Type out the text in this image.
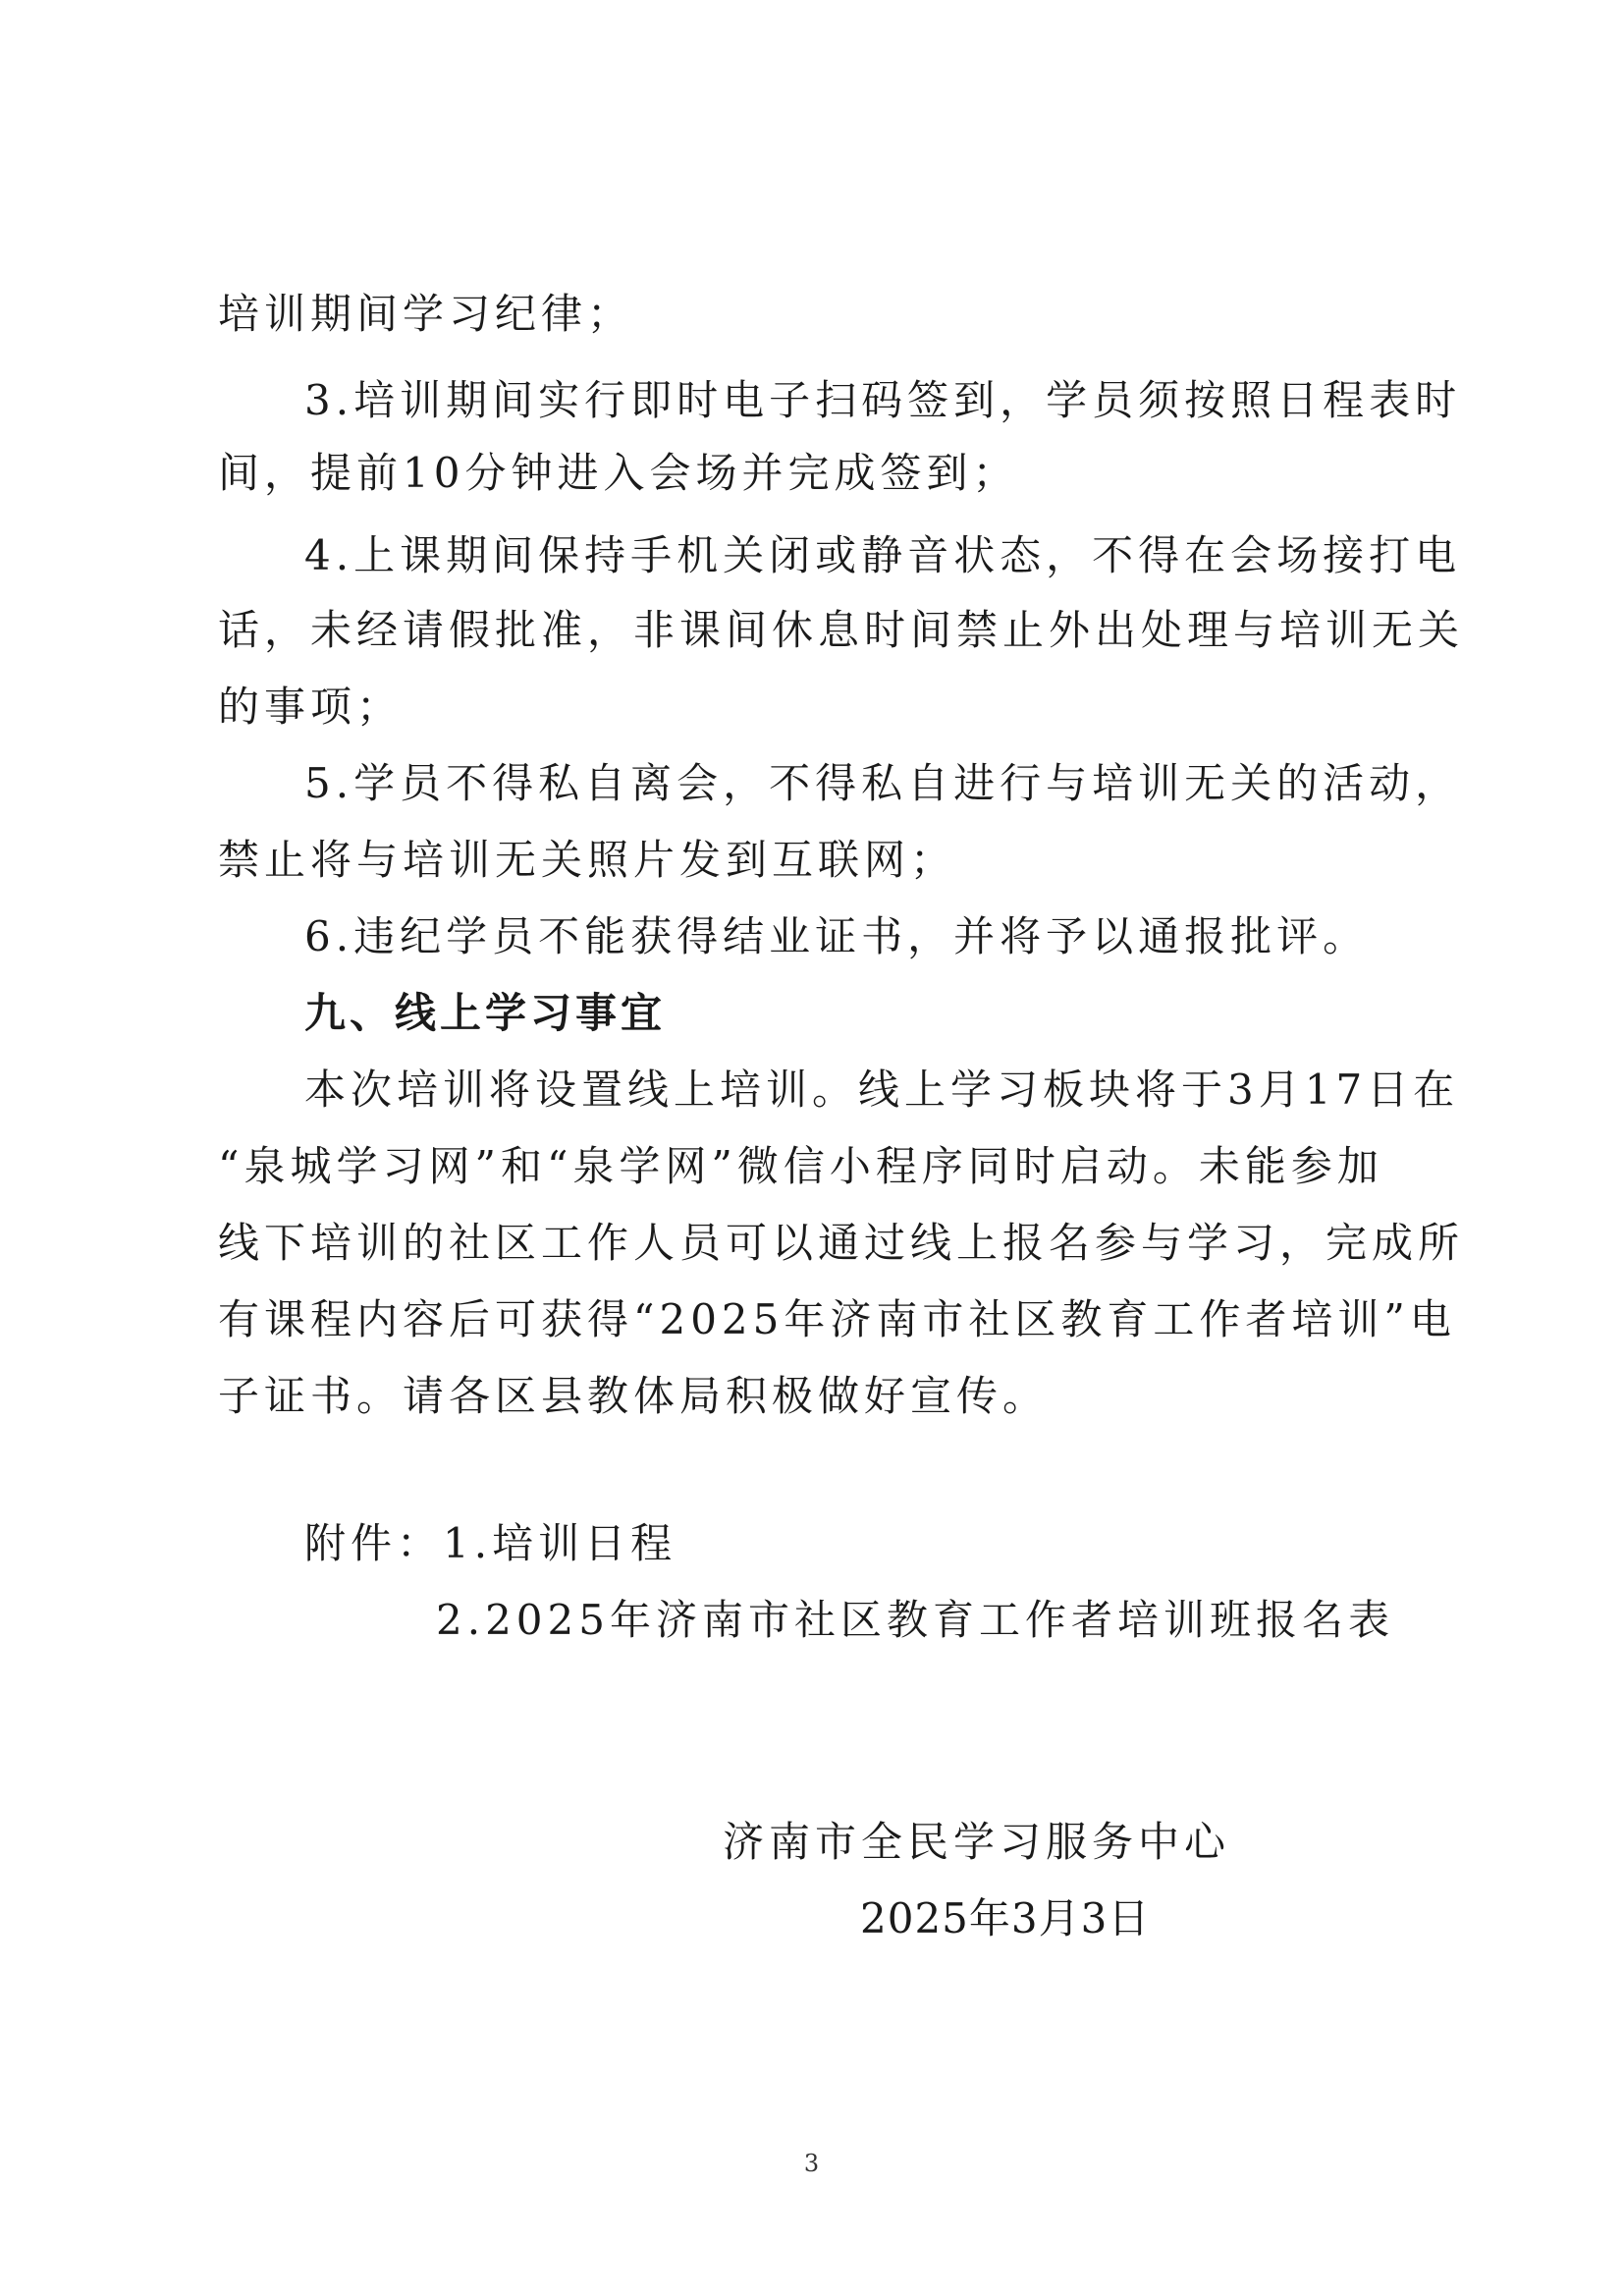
培训期间学习纪律；
3.培训期间实行即时电子扫码签到，学员须按照日程表时
间，提前10分钟进入会场并完成签到；
4.上课期间保持手机关闭或静音状态，不得在会场接打电
话，未经请假批准，非课间休息时间禁止外出处理与培训无关
的事项；
5.学员不得私自离会，不得私自进行与培训无关的活动，
禁止将与培训无关照片发到互联网；
6.违纪学员不能获得结业证书，并将予以通报批评。
九、线上学习事宜
本次培训将设置线上培训。线上学习板块将于3月17日在
“泉城学习网”和“泉学网”微信小程序同时启动。未能参加
线下培训的社区工作人员可以通过线上报名参与学习，完成所
有课程内容后可获得“2025年济南市社区教育工作者培训”电
子证书。请各区县教体局积极做好宣传。
附件：1.培训日程
2.2025年济南市社区教育工作者培训班报名表
济南市全民学习服务中心
2025年3月3日
3
